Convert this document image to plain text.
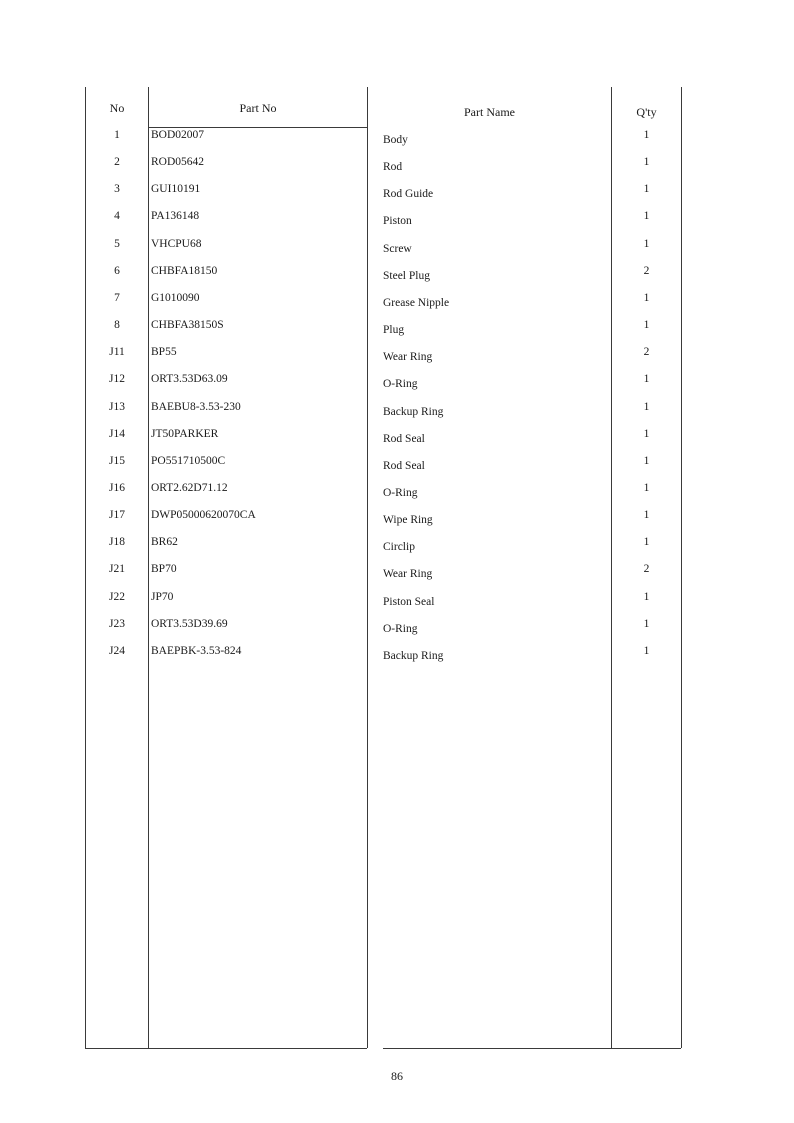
No	Part No	Part Name	Q'ty
1	BOD02007	Body	1
2	ROD05642	Rod	1
3	GUI10191	Rod Guide	1
4	PA136148	Piston	1
5	VHCPU68	Screw	1
6	CHBFA18150	Steel Plug	2
7	G1010090	Grease Nipple	1
8	CHBFA38150S	Plug	1
J11	BP55	Wear Ring	2
J12	ORT3.53D63.09	O-Ring	1
J13	BAEBU8-3.53-230	Backup Ring	1
J14	JT50PARKER	Rod Seal	1
J15	PO551710500C	Rod Seal	1
J16	ORT2.62D71.12	O-Ring	1
J17	DWP05000620070CA	Wipe Ring	1
J18	BR62	Circlip	1
J21	BP70	Wear Ring	2
J22	JP70	Piston Seal	1
J23	ORT3.53D39.69	O-Ring	1
J24	BAEPBK-3.53-824	Backup Ring	1
86
